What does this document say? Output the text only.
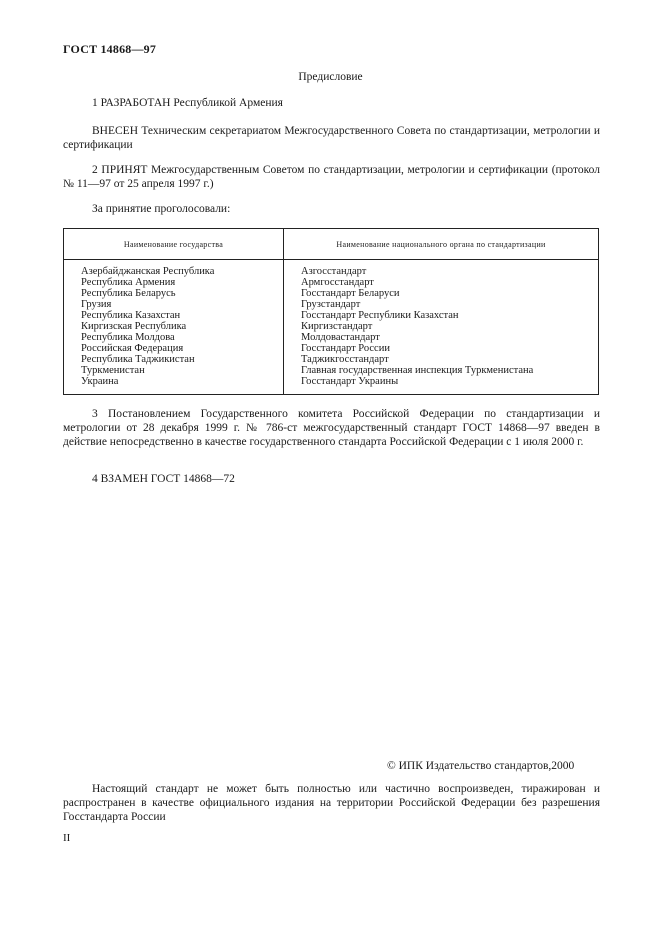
ГОСТ 14868—97
Предисловие
1 РАЗРАБОТАН Республикой Армения
ВНЕСЕН Техническим секретариатом Межгосударственного Совета по стандартизации, метрологии и сертификации
2 ПРИНЯТ Межгосударственным Советом по стандартизации, метрологии и сертификации (протокол № 11—97 от 25 апреля 1997 г.)
За принятие проголосовали:
Наименование государства	Наименование национального органа по стандартизации
Азербайджанская Республика
Республика Армения
Республика Беларусь
Грузия
Республика Казахстан
Киргизская Республика
Республика Молдова
Российская Федерация
Республика Таджикистан
Туркменистан
Украина
Азгосстандарт
Армгосстандарт
Госстандарт Беларуси
Грузстандарт
Госстандарт Республики Казахстан
Киргизстандарт
Молдовастандарт
Госстандарт России
Таджикгосстандарт
Главная государственная инспекция Туркменистана
Госстандарт Украины
3 Постановлением Государственного комитета Российской Федерации по стандартизации и метрологии от 28 декабря 1999 г. № 786-ст межгосударственный стандарт ГОСТ 14868—97 введен в действие непосредственно в качестве государственного стандарта Российской Федерации с 1 июля 2000 г.
4 ВЗАМЕН ГОСТ 14868—72
© ИПК Издательство стандартов,2000
Настоящий стандарт не может быть полностью или частично воспроизведен, тиражирован и распространен в качестве официального издания на территории Российской Федерации без разрешения Госстандарта России
II
